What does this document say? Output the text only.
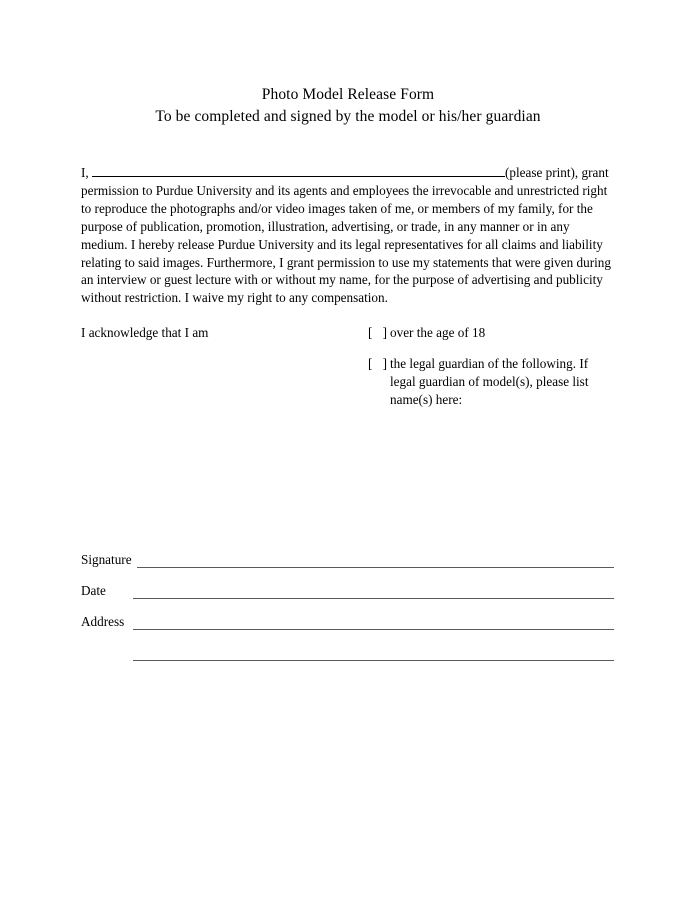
Photo Model Release Form
To be completed and signed by the model or his/her guardian
I,	(please print), grant permission to Purdue University and its agents and employees the irrevocable and unrestricted right to reproduce the photographs and/or video images taken of me, or members of my family, for the purpose of publication, promotion, illustration, advertising, or trade, in any manner or in any medium. I hereby release Purdue University and its legal representatives for all claims and liability relating to said images. Furthermore, I grant permission to use my statements that were given during an interview or guest lecture with or without my name, for the purpose of advertising and publicity without restriction. I waive my right to any compensation.
I acknowledge that I am	[  ] over the age of 18
[  ] the legal guardian of the following. If legal guardian of model(s), please list name(s) here:
Signature
Date
Address
